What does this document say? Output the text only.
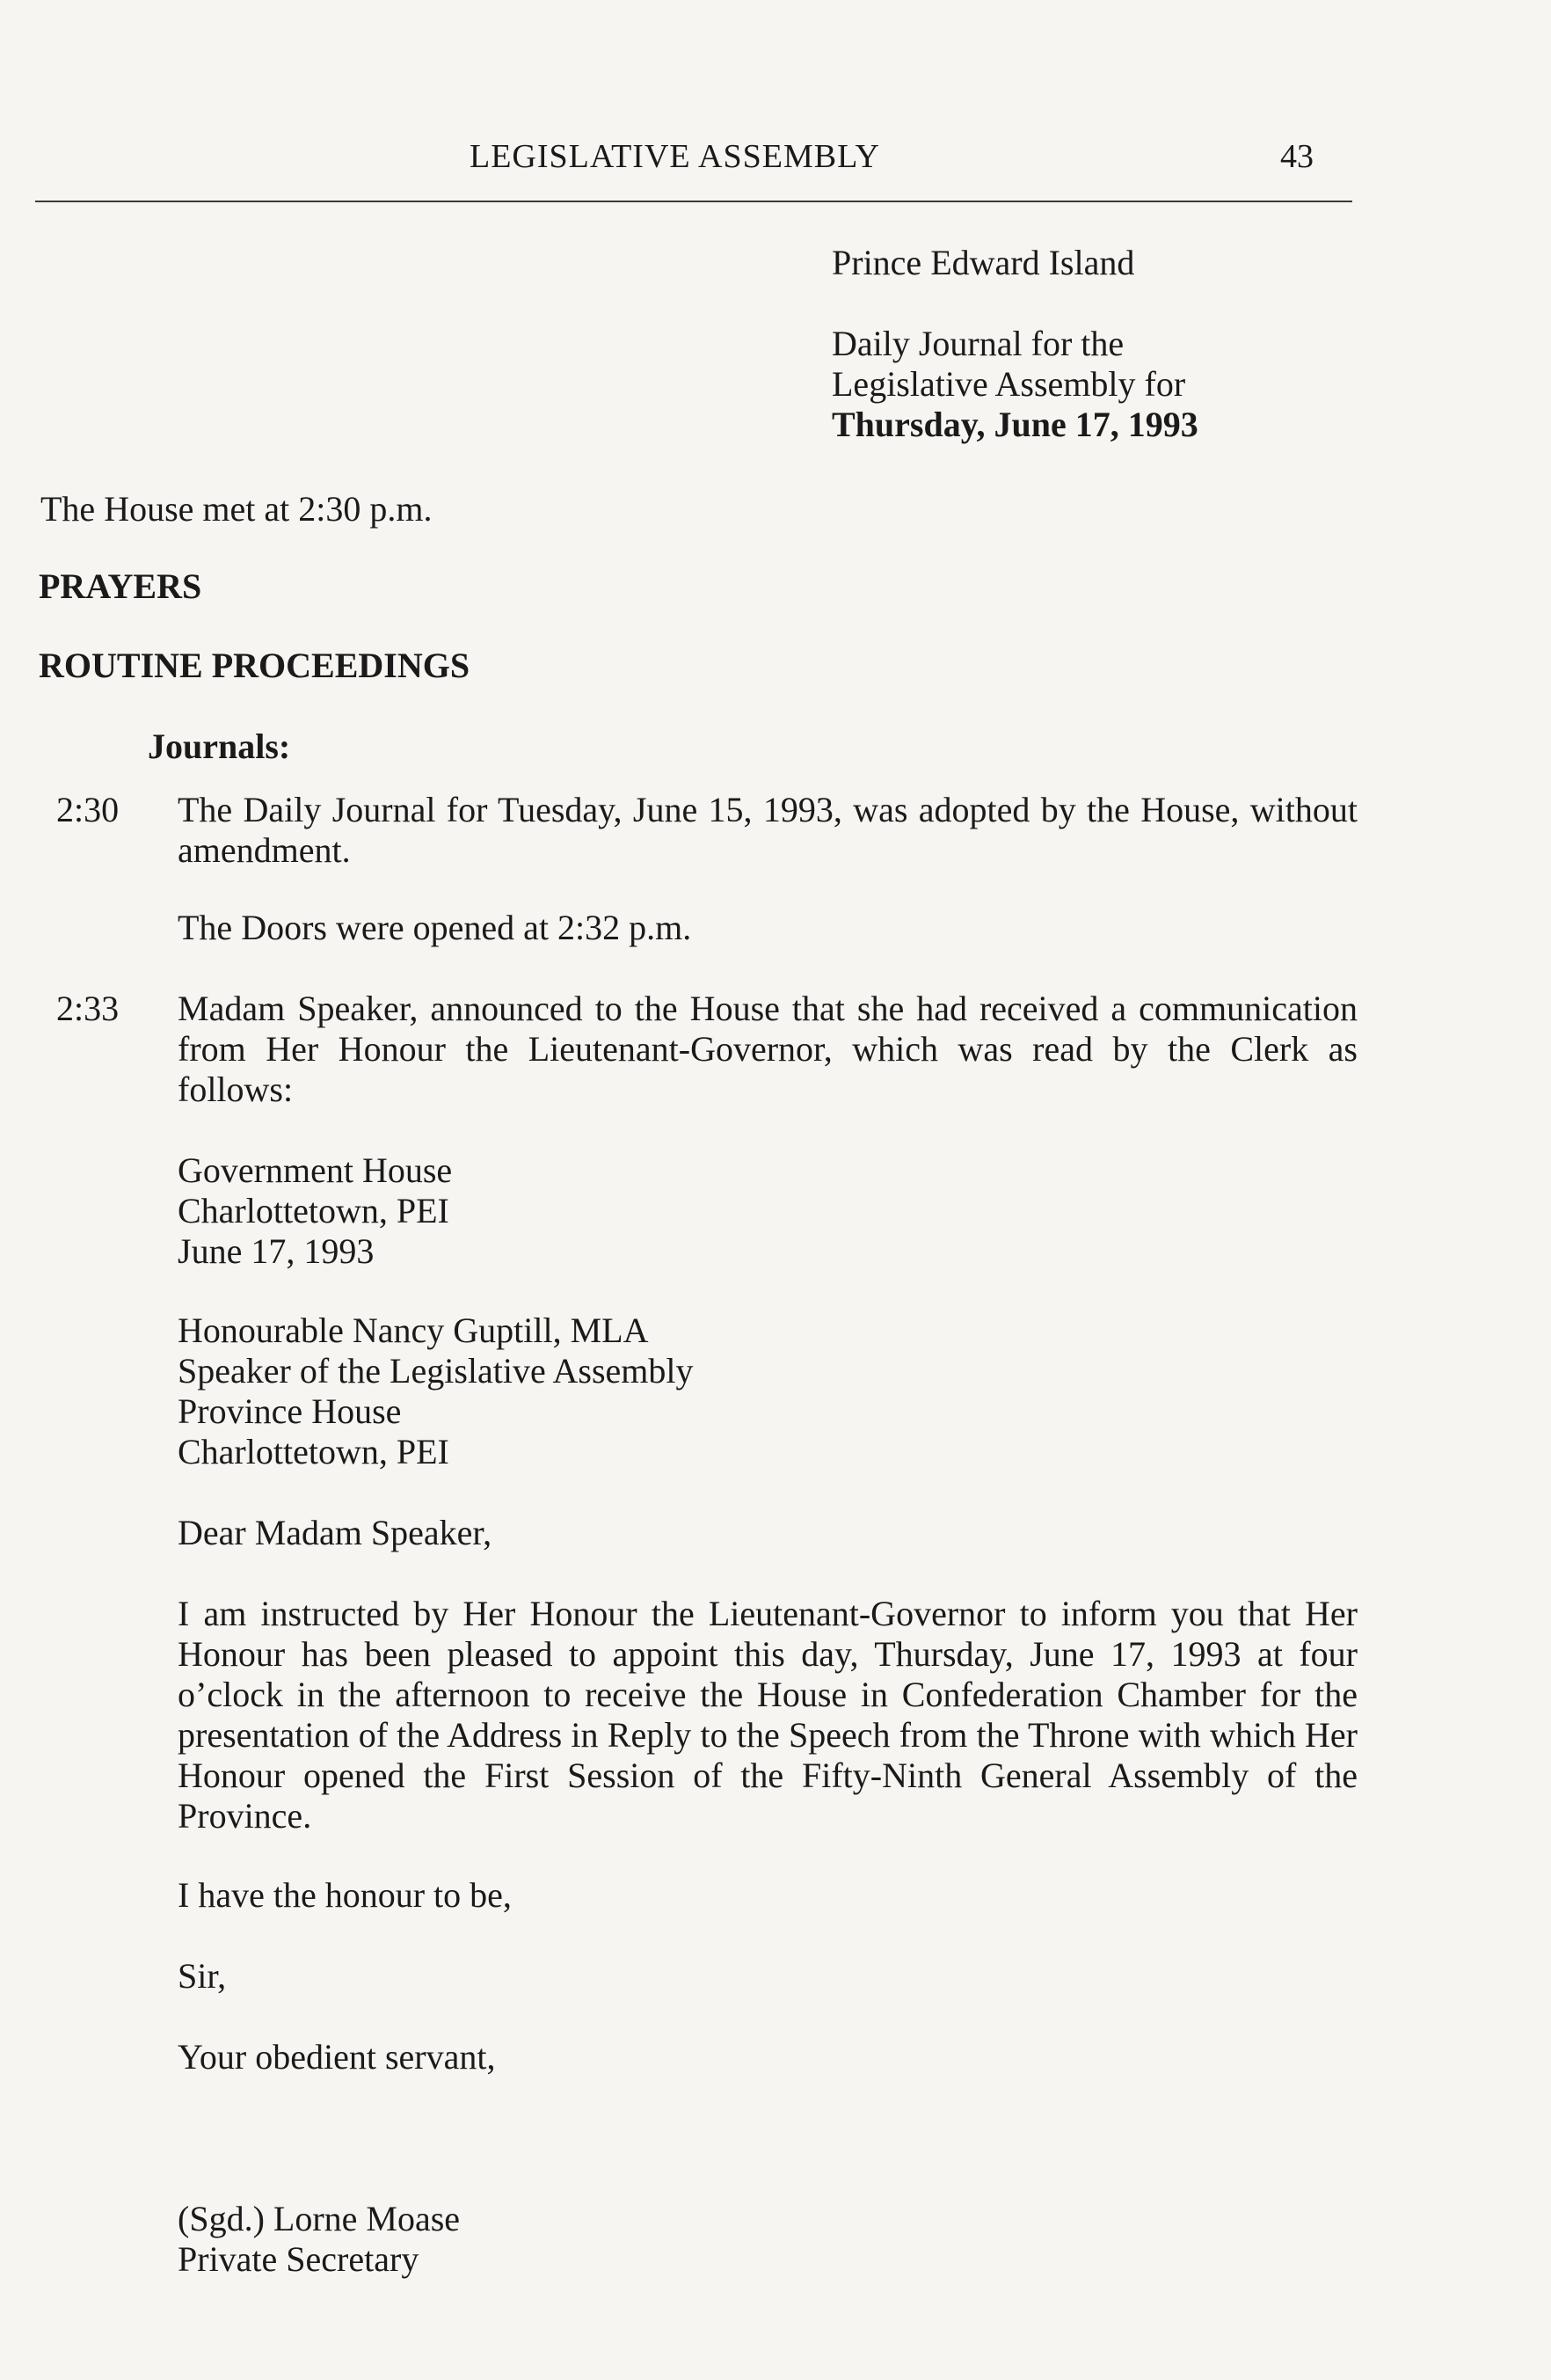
LEGISLATIVE ASSEMBLY	43
Prince Edward Island
Daily Journal for the
Legislative Assembly for
Thursday, June 17, 1993
The House met at 2:30 p.m.
PRAYERS
ROUTINE PROCEEDINGS
Journals:
2:30	The Daily Journal for Tuesday, June 15, 1993, was adopted by the House, without amendment.
The Doors were opened at 2:32 p.m.
2:33	Madam Speaker, announced to the House that she had received a communication from Her Honour the Lieutenant-Governor, which was read by the Clerk as follows:
Government House
Charlottetown, PEI
June 17, 1993
Honourable Nancy Guptill, MLA
Speaker of the Legislative Assembly
Province House
Charlottetown, PEI
Dear Madam Speaker,
I am instructed by Her Honour the Lieutenant-Governor to inform you that Her Honour has been pleased to appoint this day, Thursday, June 17, 1993 at four o’clock in the afternoon to receive the House in Confederation Chamber for the presentation of the Address in Reply to the Speech from the Throne with which Her Honour opened the First Session of the Fifty-Ninth General Assembly of the Province.
I have the honour to be,
Sir,
Your obedient servant,
(Sgd.) Lorne Moase
Private Secretary
